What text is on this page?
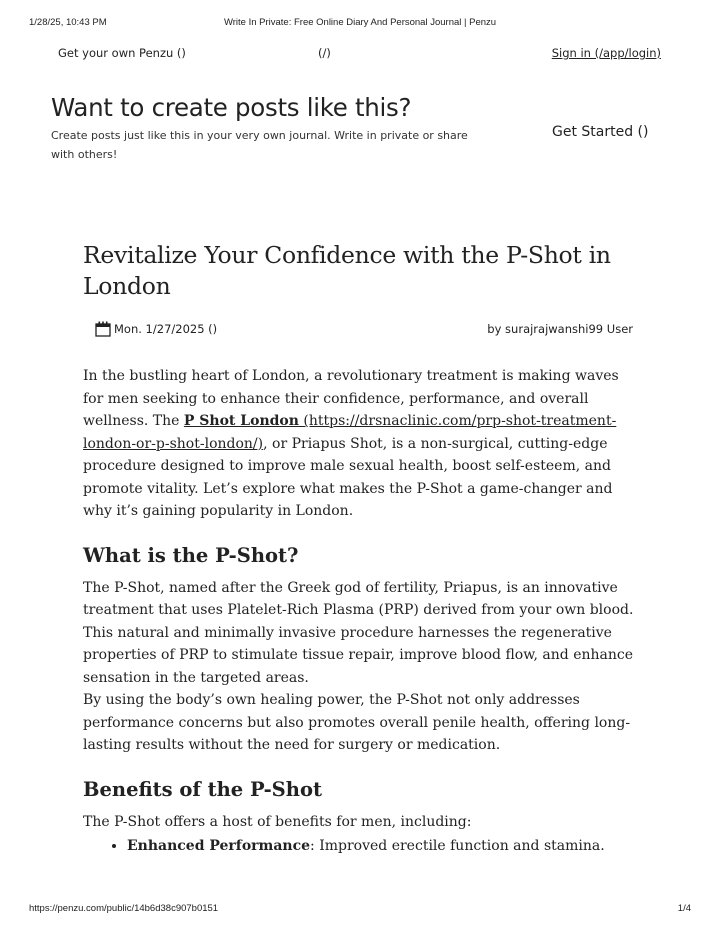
1/28/25, 10:43 PM	Write In Private: Free Online Diary And Personal Journal | Penzu
Get your own Penzu ()	(/)	Sign in (/app/login)
Want to create posts like this?

Create posts just like this in your very own journal. Write in private or share with others!

Get Started ()
Revitalize Your Confidence with the P-Shot in London
Mon. 1/27/2025 ()	by surajrajwanshi99 User

In the bustling heart of London, a revolutionary treatment is making waves for men seeking to enhance their confidence, performance, and overall wellness. The P Shot London (https://drsnaclinic.com/prp-shot-treatment-london-or-p-shot-london/), or Priapus Shot, is a non-surgical, cutting-edge procedure designed to improve male sexual health, boost self-esteem, and promote vitality. Let’s explore what makes the P-Shot a game-changer and why it’s gaining popularity in London.

What is the P-Shot?

The P-Shot, named after the Greek god of fertility, Priapus, is an innovative treatment that uses Platelet-Rich Plasma (PRP) derived from your own blood. This natural and minimally invasive procedure harnesses the regenerative properties of PRP to stimulate tissue repair, improve blood flow, and enhance sensation in the targeted areas.

By using the body’s own healing power, the P-Shot not only addresses performance concerns but also promotes overall penile health, offering long-lasting results without the need for surgery or medication.

Benefits of the P-Shot

The P-Shot offers a host of benefits for men, including:

• Enhanced Performance: Improved erectile function and stamina.
https://penzu.com/public/14b6d38c907b0151	1/4
